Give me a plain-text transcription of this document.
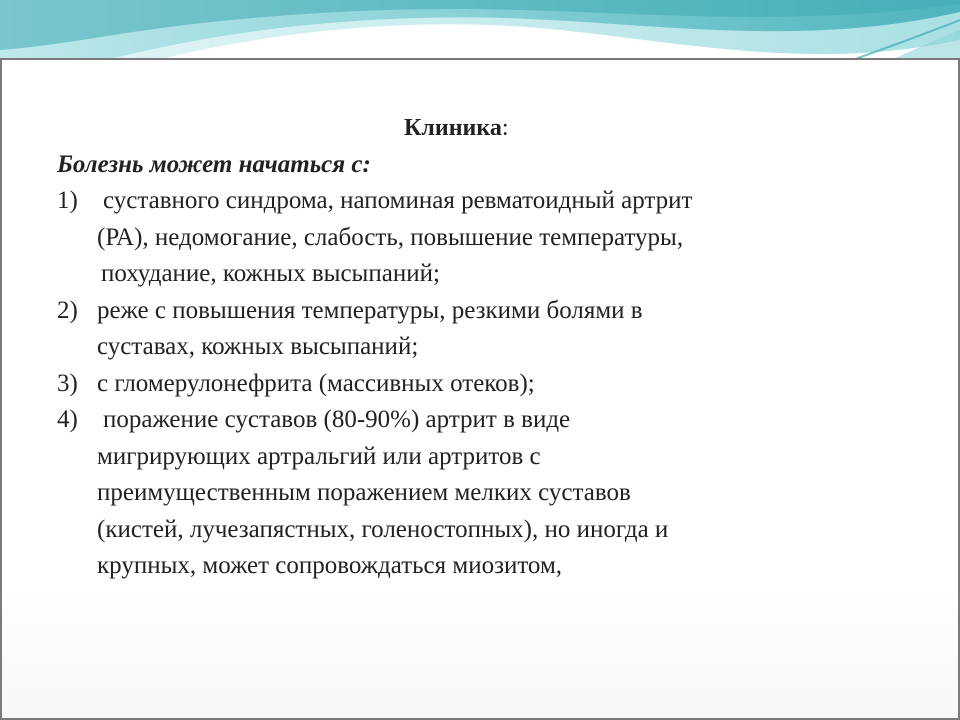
Клиника:
Болезнь может начаться с:
1) суставного синдрома, напоминая ревматоидный артрит
(РА), недомогание, слабость, повышение температуры,
похудание, кожных высыпаний;
2) реже с повышения температуры, резкими болями в
суставах, кожных высыпаний;
3) с гломерулонефрита (массивных отеков);
4) поражение суставов (80-90%) артрит в виде
мигрирующих артральгий или артритов с
преимущественным поражением мелких суставов
(кистей, лучезапястных, голеностопных), но иногда и
крупных, может сопровождаться миозитом,
